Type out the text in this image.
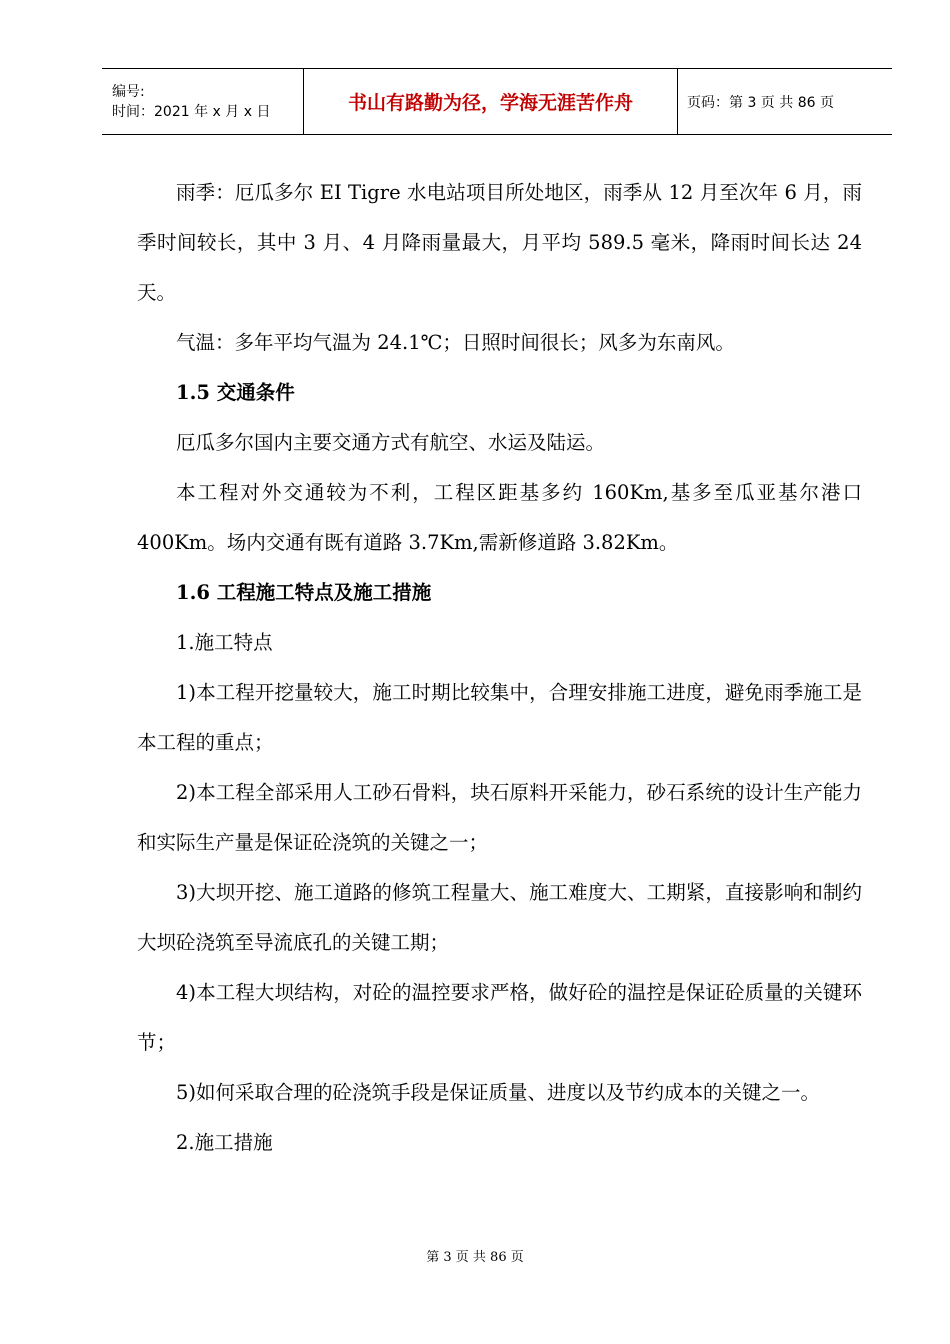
编号:
时间：2021 年 x 月 x 日	书山有路勤为径，学海无涯苦作舟	页码：第 3 页 共 86 页

雨季：厄瓜多尔 EI Tigre 水电站项目所处地区，雨季从 12 月至次年 6 月，雨季时间较长，其中 3 月、4 月降雨量最大，月平均 589.5 毫米，降雨时间长达 24 天。

气温：多年平均气温为 24.1℃；日照时间很长；风多为东南风。

1.5 交通条件

厄瓜多尔国内主要交通方式有航空、水运及陆运。

本工程对外交通较为不利，工程区距基多约 160Km,基多至瓜亚基尔港口 400Km。场内交通有既有道路 3.7Km,需新修道路 3.82Km。

1.6 工程施工特点及施工措施

1.施工特点

1)本工程开挖量较大，施工时期比较集中，合理安排施工进度，避免雨季施工是本工程的重点；

2)本工程全部采用人工砂石骨料，块石原料开采能力，砂石系统的设计生产能力和实际生产量是保证砼浇筑的关键之一；

3)大坝开挖、施工道路的修筑工程量大、施工难度大、工期紧，直接影响和制约大坝砼浇筑至导流底孔的关键工期；

4)本工程大坝结构，对砼的温控要求严格，做好砼的温控是保证砼质量的关键环节；

5)如何采取合理的砼浇筑手段是保证质量、进度以及节约成本的关键之一。

2.施工措施

第 3 页 共 86 页
